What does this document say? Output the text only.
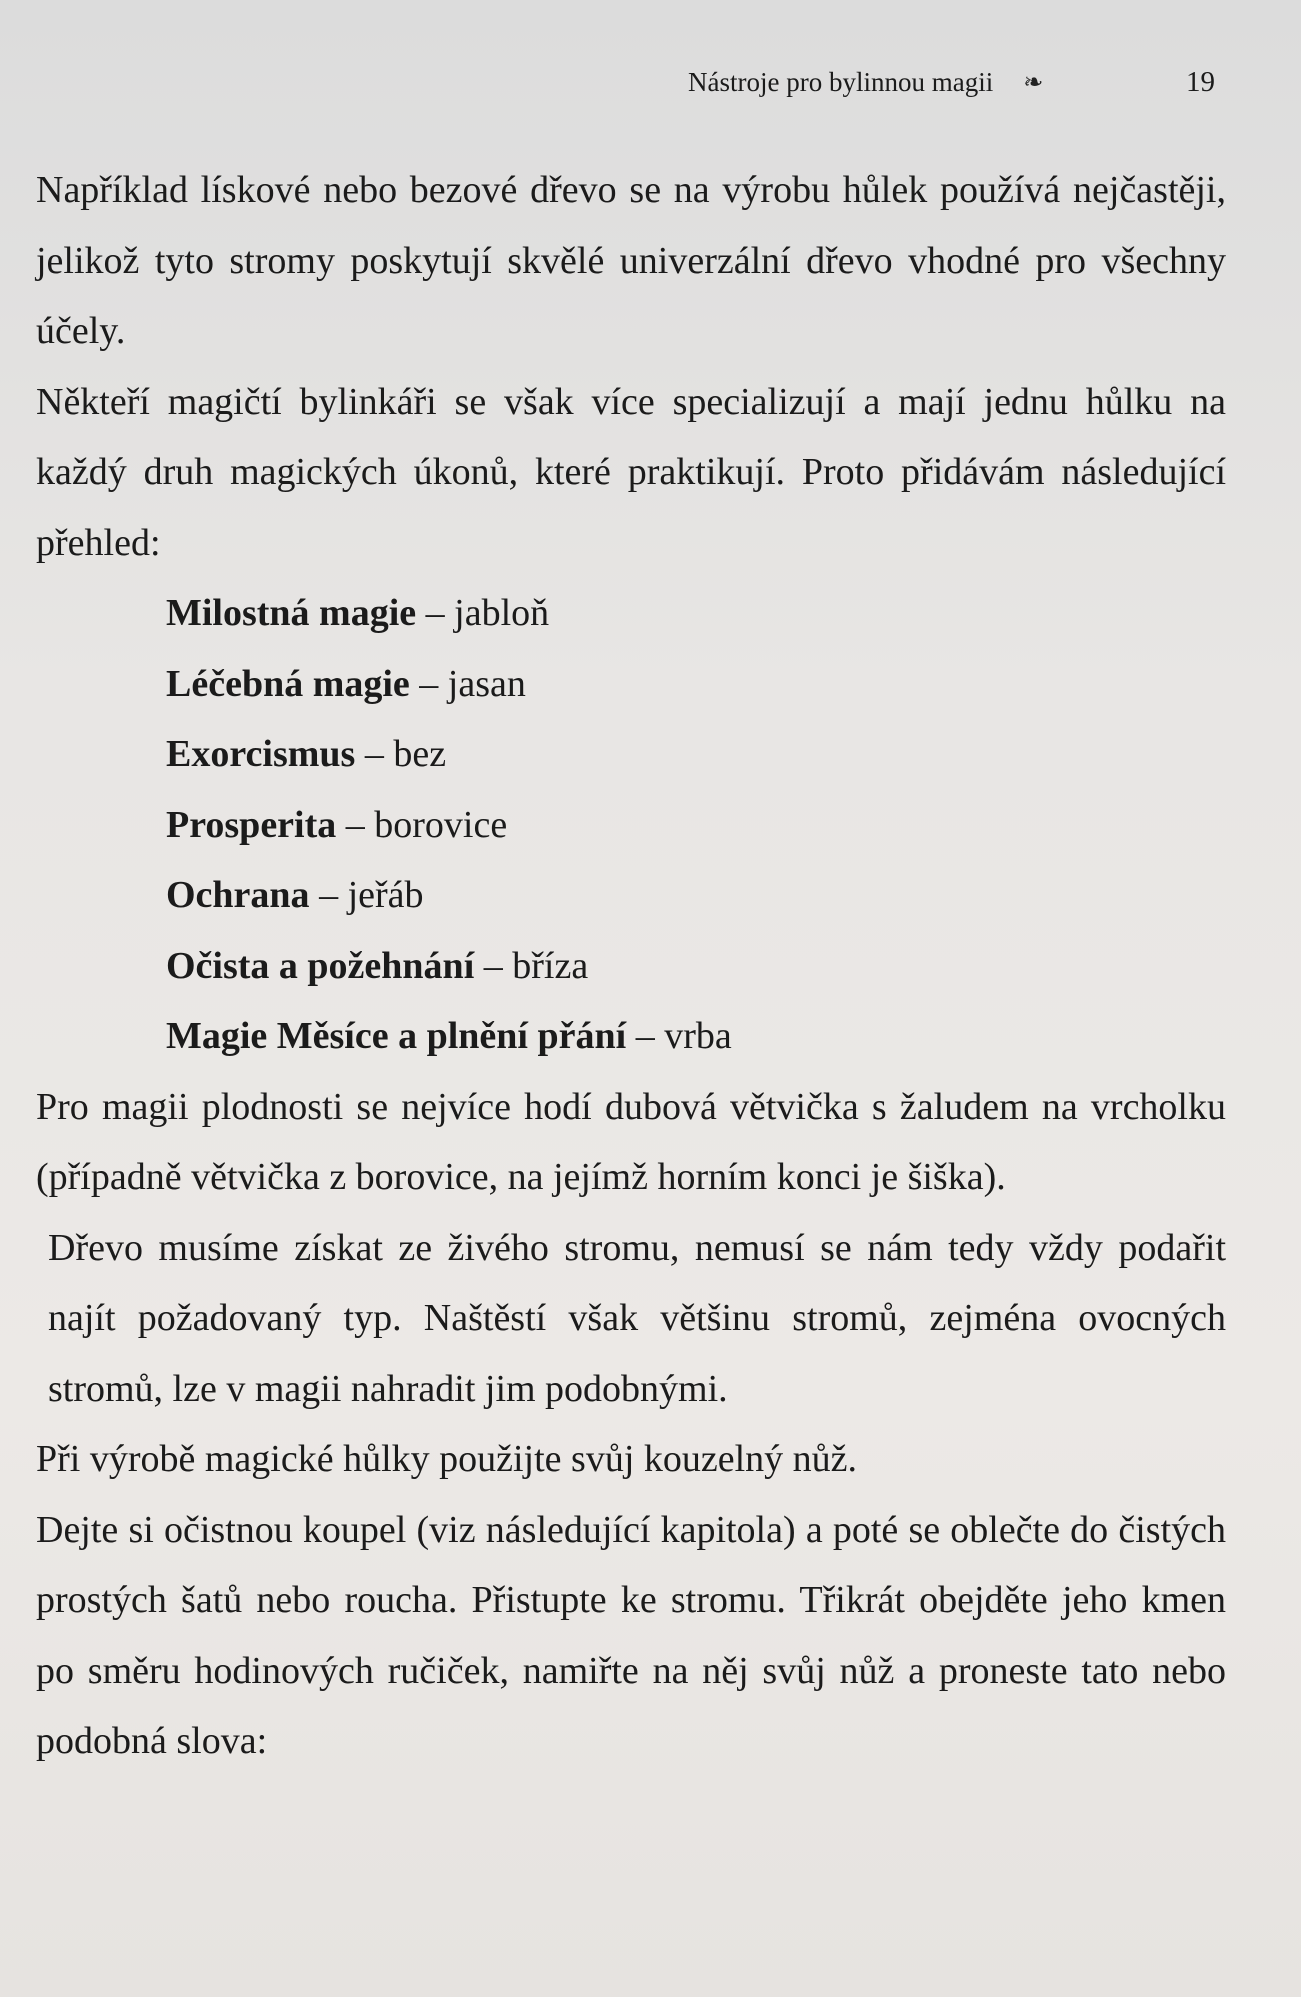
Nástroje pro bylinnou magii ❧	19

Například lískové nebo bezové dřevo se na výrobu hůlek používá nejčastěji, jelikož tyto stromy poskytují skvělé univerzální dřevo vhodné pro všechny účely.

Někteří magičtí bylinkáři se však více specializují a mají jednu hůlku na každý druh magických úkonů, které praktikují. Proto přidávám následující přehled:

Milostná magie – jabloň
Léčebná magie – jasan
Exorcismus – bez
Prosperita – borovice
Ochrana – jeřáb
Očista a požehnání – bříza
Magie Měsíce a plnění přání – vrba

Pro magii plodnosti se nejvíce hodí dubová větvička s žaludem na vrcholku (případně větvička z borovice, na jejímž horním konci je šiška).

Dřevo musíme získat ze živého stromu, nemusí se nám tedy vždy podařit najít požadovaný typ. Naštěstí však většinu stromů, zejména ovocných stromů, lze v magii nahradit jim podobnými.

Při výrobě magické hůlky použijte svůj kouzelný nůž.

Dejte si očistnou koupel (viz následující kapitola) a poté se oblečte do čistých prostých šatů nebo roucha. Přistupte ke stromu. Třikrát obejděte jeho kmen po směru hodinových ručiček, namiřte na něj svůj nůž a proneste tato nebo podobná slova:
